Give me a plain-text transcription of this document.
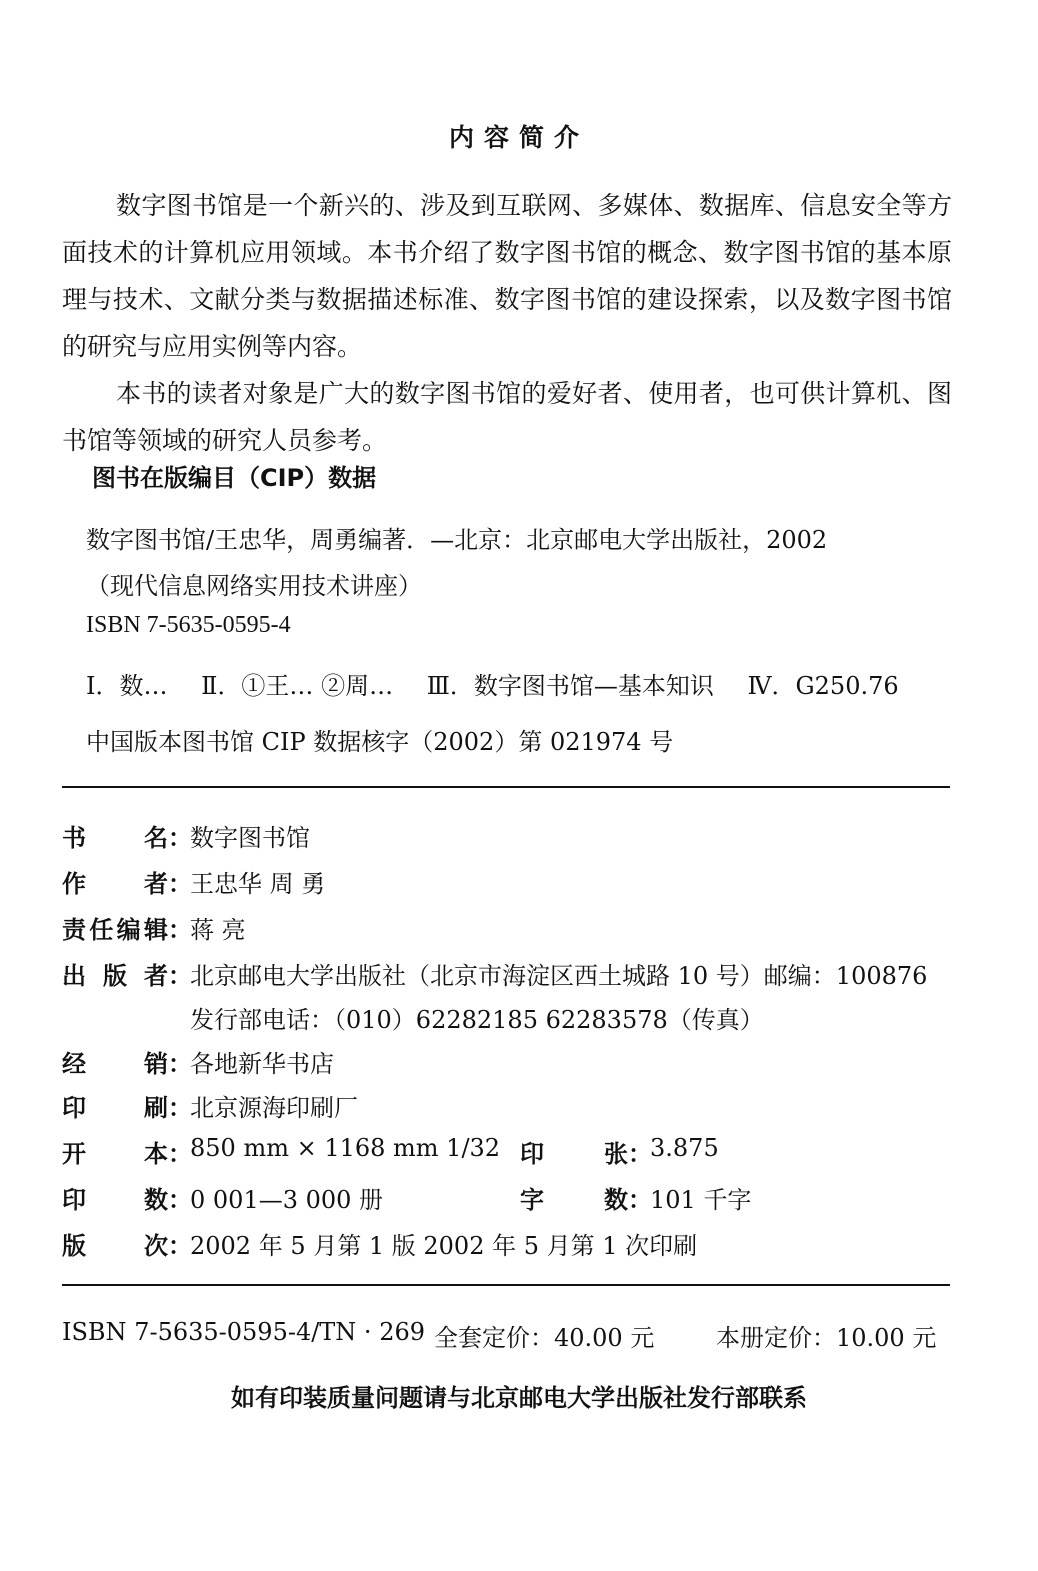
内容简介

数字图书馆是一个新兴的、涉及到互联网、多媒体、数据库、信息安全等方面技术的计算机应用领域。本书介绍了数字图书馆的概念、数字图书馆的基本原理与技术、文献分类与数据描述标准、数字图书馆的建设探索，以及数字图书馆的研究与应用实例等内容。

本书的读者对象是广大的数字图书馆的爱好者、使用者，也可供计算机、图书馆等领域的研究人员参考。

图书在版编目（CIP）数据
数字图书馆/王忠华，周勇编著．—北京：北京邮电大学出版社，2002
（现代信息网络实用技术讲座）
ISBN 7-5635-0595-4
Ⅰ．数… Ⅱ．①王… ②周… Ⅲ．数字图书馆—基本知识 Ⅳ．G250.76
中国版本图书馆 CIP 数据核字（2002）第 021974 号
书 名 ：
数字图书馆
作 者 ：
王忠华 周 勇
责 任 编 辑 ：
蒋 亮
出 版 者 ：
北京邮电大学出版社（北京市海淀区西土城路 10 号）邮编：100876
发行部电话：（010）62282185 62283578（传真）
经 销 ：
各地新华书店
印 刷 ：
北京源海印刷厂
开 本 ：
850 mm × 1168 mm 1/32 印	张 ：
3.875
印 数 ：
0 001—3 000 册	字	数 ：
101 千字
版 次 ：
2002 年 5 月第 1 版 2002 年 5 月第 1 次印刷
ISBN 7-5635-0595-4/TN · 269 全套定价：40.00 元	本册定价：10.00 元
如有印装质量问题请与北京邮电大学出版社发行部联系
